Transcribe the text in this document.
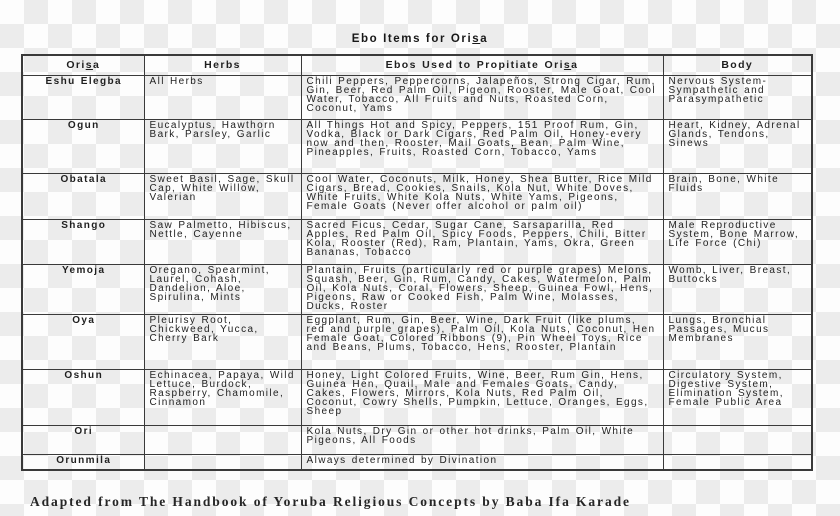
Ebo Items for Orisa
Orisa	Herbs	Ebos Used to Propitiate Orisa	Body
Eshu Elegba	All Herbs	Chili Peppers, Peppercorns, Jalapeños, Strong Cigar, Rum, Gin, Beer, Red Palm Oil, Pigeon, Rooster, Male Goat, Cool Water, Tobacco, All Fruits and Nuts, Roasted Corn, Coconut, Yams	Nervous System- Sympathetic and Parasympathetic
Ogun	Eucalyptus, Hawthorn Bark, Parsley, Garlic	All Things Hot and Spicy, Peppers, 151 Proof Rum, Gin, Vodka, Black or Dark Cigars, Red Palm Oil, Honey-every now and then, Rooster, Mail Goats, Bean, Palm Wine, Pineapples, Fruits, Roasted Corn, Tobacco, Yams	Heart, Kidney, Adrenal Glands, Tendons, Sinews
Obatala	Sweet Basil, Sage, Skull Cap, White Willow, Valerian	Cool Water, Coconuts, Milk, Honey, Shea Butter, Rice Mild Cigars, Bread, Cookies, Snails, Kola Nut, White Doves, White Fruits, White Kola Nuts, White Yams, Pigeons, Female Goats (Never offer alcohol or palm oil)	Brain, Bone, White Fluids
Shango	Saw Palmetto, Hibiscus, Nettle, Cayenne	Sacred Ficus, Cedar, Sugar Cane, Sarsaparilla, Red Apples, Red Palm Oil, Spicy Foods, Peppers, Chili, Bitter Kola, Rooster (Red), Ram, Plantain, Yams, Okra, Green Bananas, Tobacco	Male Reproductive System, Bone Marrow, Life Force (Chi)
Yemoja	Oregano, Spearmint, Laurel, Cohash, Dandelion, Aloe, Spirulina, Mints	Plantain, Fruits (particularly red or purple grapes) Melons, Squash, Beer, Gin, Rum, Candy, Cakes, Watermelon, Palm Oil, Kola Nuts, Coral, Flowers, Sheep, Guinea Fowl, Hens, Pigeons, Raw or Cooked Fish, Palm Wine, Molasses, Ducks, Roster	Womb, Liver, Breast, Buttocks
Oya	Pleurisy Root, Chickweed, Yucca, Cherry Bark	Eggplant, Rum, Gin, Beer, Wine, Dark Fruit (like plums, red and purple grapes), Palm Oil, Kola Nuts, Coconut, Hen Female Goat, Colored Ribbons (9), Pin Wheel Toys, Rice and Beans, Plums, Tobacco, Hens, Rooster, Plantain	Lungs, Bronchial Passages, Mucus Membranes
Oshun	Echinacea, Papaya, Wild Lettuce, Burdock, Raspberry, Chamomile, Cinnamon	Honey, Light Colored Fruits, Wine, Beer, Rum Gin, Hens, Guinea Hen, Quail, Male and Females Goats, Candy, Cakes, Flowers, Mirrors, Kola Nuts, Red Palm Oil, Coconut, Cowry Shells, Pumpkin, Lettuce, Oranges, Eggs, Sheep	Circulatory System, Digestive System, Elimination System, Female Public Area
Ori		Kola Nuts, Dry Gin or other hot drinks, Palm Oil, White Pigeons, All Foods	
Orunmila		Always determined by Divination	
Adapted from The Handbook of Yoruba Religious Concepts by Baba Ifa Karade
